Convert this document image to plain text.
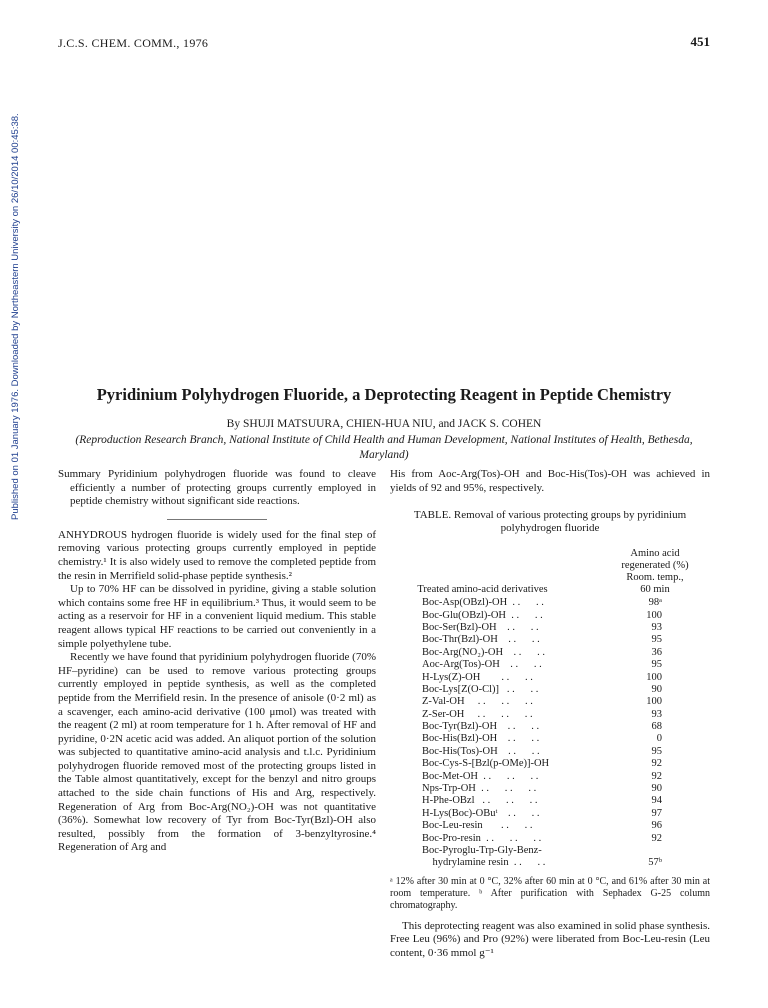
Published on 01 January 1976. Downloaded by Northeastern University on 26/10/2014 00:45:38.
J.C.S. CHEM. COMM., 1976	451
Pyridinium Polyhydrogen Fluoride, a Deprotecting Reagent in Peptide Chemistry
By SHUJI MATSUURA, CHIEN-HUA NIU, and JACK S. COHEN
(Reproduction Research Branch, National Institute of Child Health and Human Development, National Institutes of Health, Bethesda, Maryland)

Summary Pyridinium polyhydrogen fluoride was found to cleave efficiently a number of protecting groups currently employed in peptide chemistry without significant side reactions.

ANHYDROUS hydrogen fluoride is widely used for the final step of removing various protecting groups currently employed in peptide chemistry.¹ It is also widely used to remove the completed peptide from the resin in Merrifield solid-phase peptide synthesis.²

Up to 70% HF can be dissolved in pyridine, giving a stable solution which contains some free HF in equilibrium.³ Thus, it would seem to be acting as a reservoir for HF in a convenient liquid medium. This stable reagent allows typical HF reactions to be carried out conveniently in a simple polyethylene tube.

Recently we have found that pyridinium polyhydrogen fluoride (70% HF–pyridine) can be used to remove various protecting groups currently employed in peptide synthesis, as well as the completed peptide from the Merrifield resin. In the presence of anisole (0·2 ml) as a scavenger, each amino-acid derivative (100 μmol) was treated with the reagent (2 ml) at room temperature for 1 h. After removal of HF and pyridine, 0·2N acetic acid was added. An aliquot portion of the solution was subjected to quantitative amino-acid analysis and t.l.c. Pyridinium polyhydrogen fluoride removed most of the protecting groups listed in the Table almost quantitatively, except for the benzyl and nitro groups attached to the side chain functions of His and Arg, respectively. Regeneration of Arg from Boc-Arg(NO₂)-OH was not quantitative (36%). Somewhat low recovery of Tyr from Boc-Tyr(Bzl)-OH also resulted, possibly from the formation of 3-benzyltyrosine.⁴ Regeneration of Arg and

His from Aoc-Arg(Tos)-OH and Boc-His(Tos)-OH was achieved in yields of 92 and 95%, respectively.

TABLE. Removal of various protecting groups by pyridinium
polyhydrogen fluoride
Treated amino-acid derivatives
Amino acid
regenerated (%)
Room. temp.,
60 min
Boc-Asp(OBzl)-OH  . .      . .	98ᵃ
Boc-Glu(OBzl)-OH  . .      . .	100
Boc-Ser(Bzl)-OH    . .      . .	93
Boc-Thr(Bzl)-OH    . .      . .	95
Boc-Arg(NO₂)-OH    . .      . .	36
Aoc-Arg(Tos)-OH    . .      . .	95
H-Lys(Z)-OH        . .      . .	100
Boc-Lys[Z(O-Cl)]   . .      . .	90
Z-Val-OH     . .      . .      . .	100
Z-Ser-OH     . .      . .      . .	93
Boc-Tyr(Bzl)-OH    . .      . .	68
Boc-His(Bzl)-OH    . .      . .	0
Boc-His(Tos)-OH    . .      . .	95
Boc-Cys-S-[Bzl(p-OMe)]-OH	92
Boc-Met-OH  . .      . .      . .	92
Nps-Trp-OH  . .      . .      . .	90
H-Phe-OBzl   . .      . .      . .	94
H-Lys(Boc)-OBuᵗ    . .      . .	97
Boc-Leu-resin       . .      . .	96
Boc-Pro-resin  . .      . .      . .	92
Boc-Pyroglu-Trp-Gly-Benz-
hydrylamine resin  . .      . .	57ᵇ
ᵃ 12% after 30 min at 0 °C, 32% after 60 min at 0 °C, and 61% after 30 min at room temperature. ᵇ After purification with Sephadex G-25 column chromatography.

This deprotecting reagent was also examined in solid phase synthesis. Free Leu (96%) and Pro (92%) were liberated from Boc-Leu-resin (Leu content, 0·36 mmol g⁻¹
